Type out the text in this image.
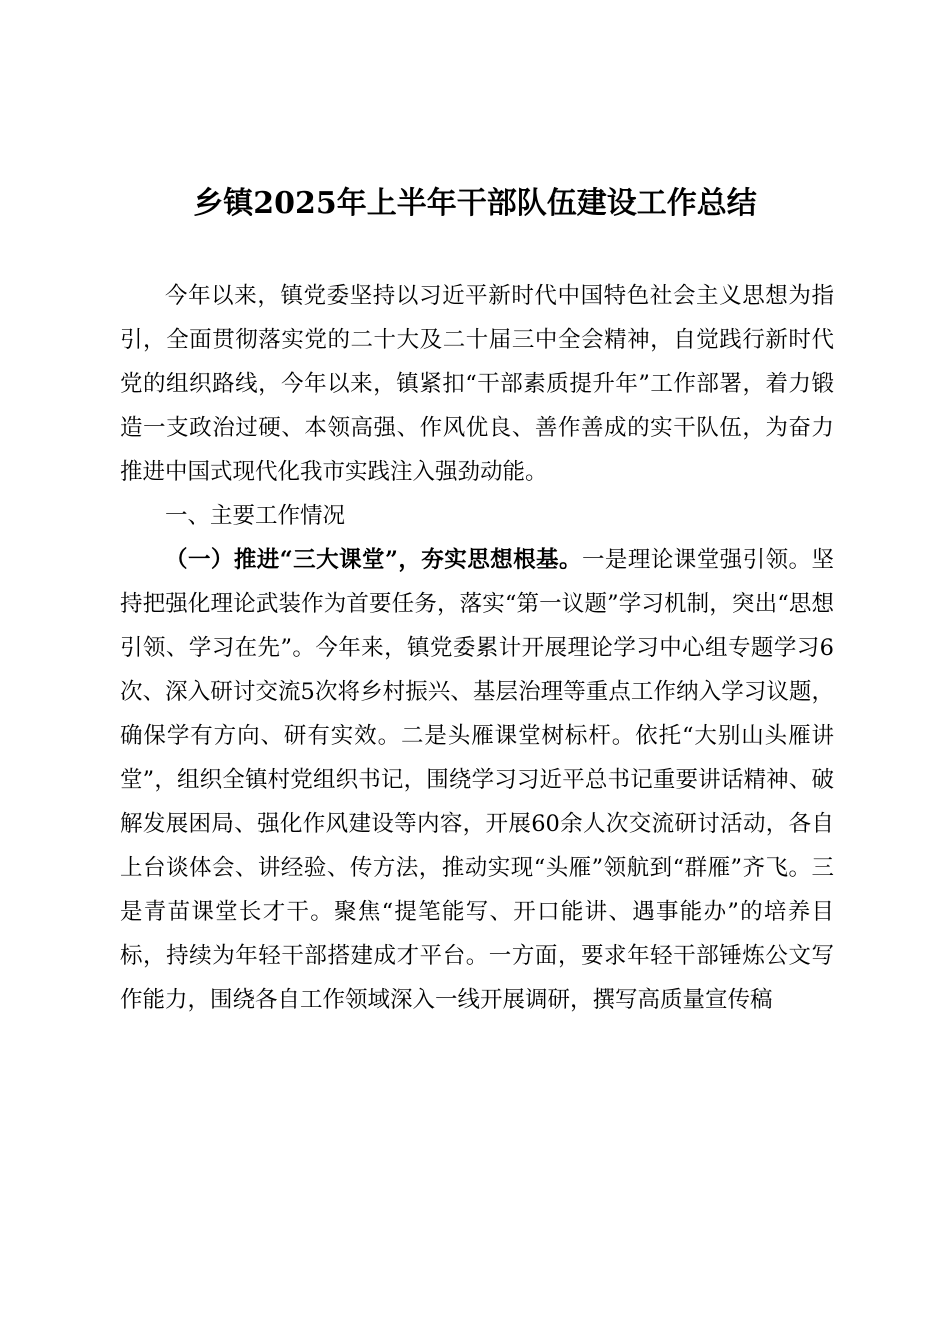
乡镇2025年上半年干部队伍建设工作总结

今年以来，镇党委坚持以习近平新时代中国特色社会主义思想为指引，全面贯彻落实党的二十大及二十届三中全会精神，自觉践行新时代党的组织路线，今年以来，镇紧扣“干部素质提升年”工作部署，着力锻造一支政治过硬、本领高强、作风优良、善作善成的实干队伍，为奋力推进中国式现代化我市实践注入强劲动能。

一、主要工作情况

（一）推进“三大课堂”，夯实思想根基。一是理论课堂强引领。坚持把强化理论武装作为首要任务，落实“第一议题”学习机制，突出“思想引领、学习在先”。今年来，镇党委累计开展理论学习中心组专题学习6次、深入研讨交流5次将乡村振兴、基层治理等重点工作纳入学习议题，确保学有方向、研有实效。二是头雁课堂树标杆。依托“大别山头雁讲堂”，组织全镇村党组织书记，围绕学习习近平总书记重要讲话精神、破解发展困局、强化作风建设等内容，开展60余人次交流研讨活动，各自上台谈体会、讲经验、传方法，推动实现“头雁”领航到“群雁”齐飞。三是青苗课堂长才干。聚焦“提笔能写、开口能讲、遇事能办”的培养目标，持续为年轻干部搭建成才平台。一方面，要求年轻干部锤炼公文写作能力，围绕各自工作领域深入一线开展调研，撰写高质量宣传稿
